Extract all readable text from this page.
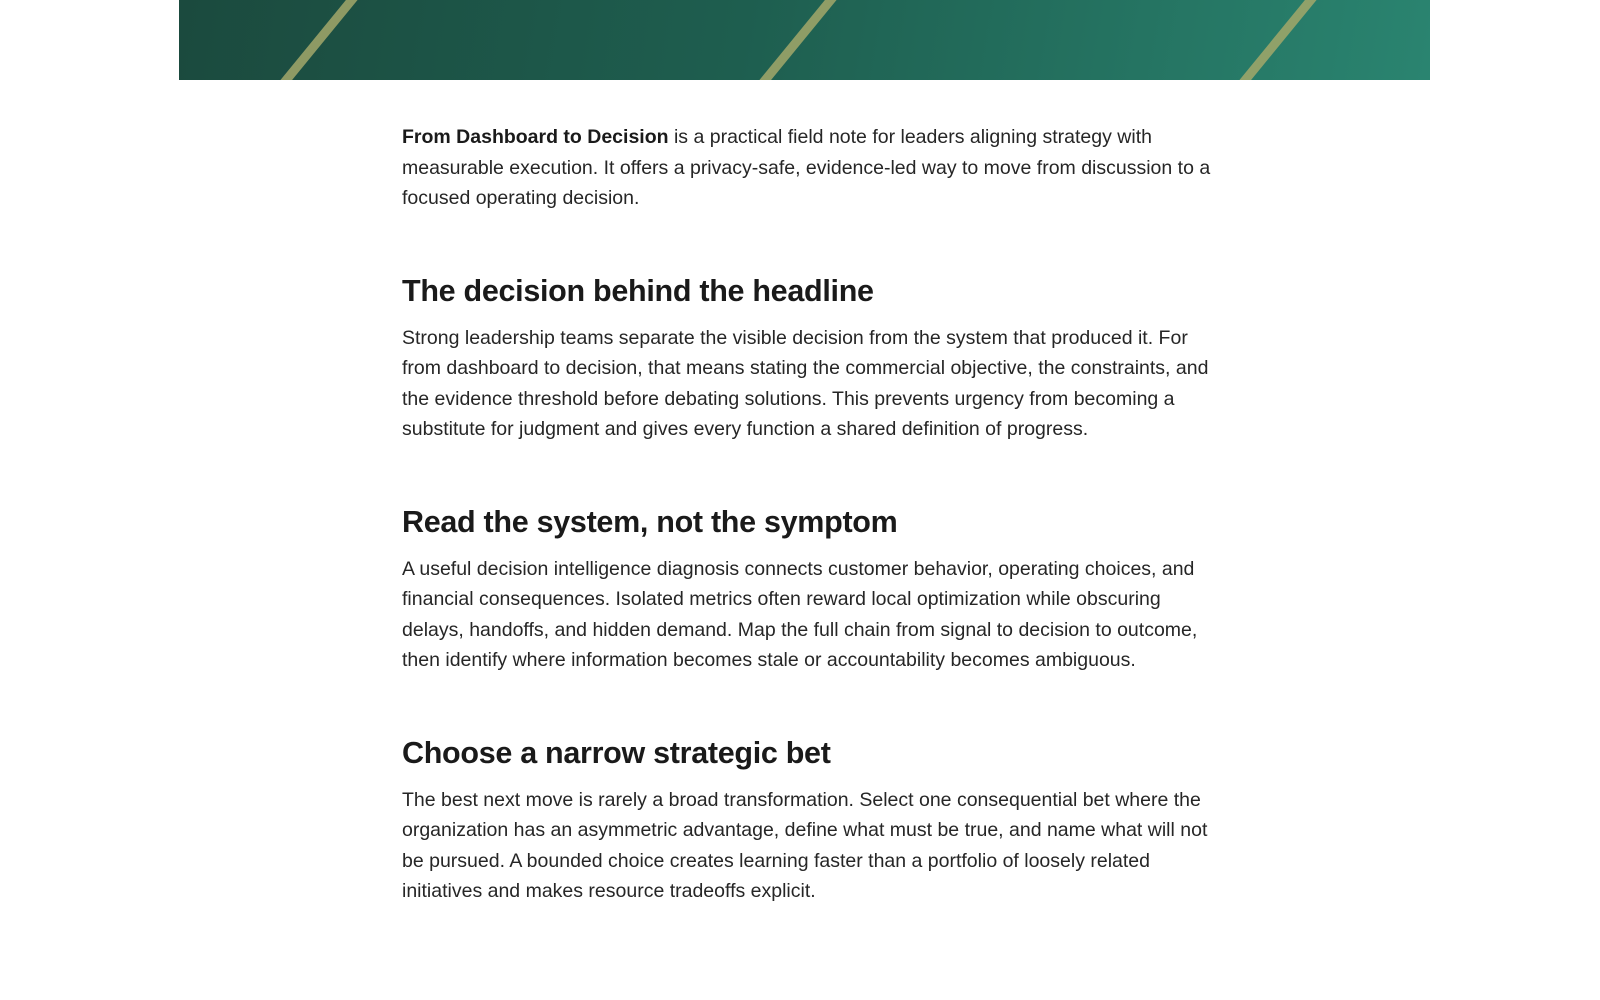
From Dashboard to Decision is a practical field note for leaders aligning strategy with measurable execution. It offers a privacy-safe, evidence-led way to move from discussion to a focused operating decision.

The decision behind the headline

Strong leadership teams separate the visible decision from the system that produced it. For from dashboard to decision, that means stating the commercial objective, the constraints, and the evidence threshold before debating solutions. This prevents urgency from becoming a substitute for judgment and gives every function a shared definition of progress.

Read the system, not the symptom

A useful decision intelligence diagnosis connects customer behavior, operating choices, and financial consequences. Isolated metrics often reward local optimization while obscuring delays, handoffs, and hidden demand. Map the full chain from signal to decision to outcome, then identify where information becomes stale or accountability becomes ambiguous.

Choose a narrow strategic bet

The best next move is rarely a broad transformation. Select one consequential bet where the organization has an asymmetric advantage, define what must be true, and name what will not be pursued. A bounded choice creates learning faster than a portfolio of loosely related initiatives and makes resource tradeoffs explicit.
